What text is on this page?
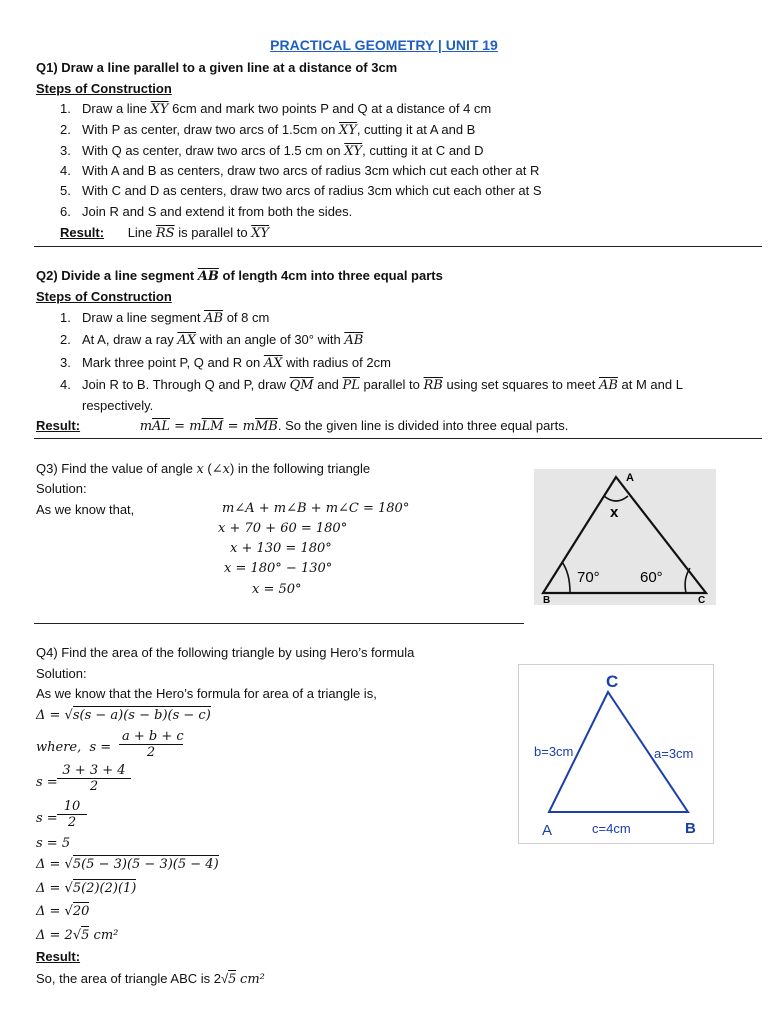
PRACTICAL GEOMETRY | UNIT 19
Q1) Draw a line parallel to a given line at a distance of 3cm
Steps of Construction
1. Draw a line $\overline{XY}$ 6cm and mark two points P and Q at a distance of 4 cm
2. With P as center, draw two arcs of 1.5cm on $\overline{XY}$, cutting it at A and B
3. With Q as center, draw two arcs of 1.5 cm on $\overline{XY}$, cutting it at C and D
4. With A and B as centers, draw two arcs of radius 3cm which cut each other at R
5. With C and D as centers, draw two arcs of radius 3cm which cut each other at S
6. Join R and S and extend it from both the sides.
Result: Line $\overline{RS}$ is parallel to $\overline{XY}$
Q2) Divide a line segment $\overline{AB}$ of length 4cm into three equal parts
Steps of Construction
1. Draw a line segment $\overline{AB}$ of 8 cm
2. At A, draw a ray $\overline{AX}$ with an angle of 30° with $\overline{AB}$
3. Mark three point P, Q and R on $\overline{AX}$ with radius of 2cm
4. Join R to B. Through Q and P, draw $\overline{QM}$ and $\overline{PL}$ parallel to $\overline{RB}$ using set squares to meet $\overline{AB}$ at M and L
respectively.
Result:	$m\overline{AL} = m\overline{LM} = m\overline{MB}$. So the given line is divided into three equal parts.
Q3) Find the value of angle x (∠x) in the following triangle
Solution:
As we know that,	m∠A + m∠B + m∠C = 180°
x + 70 + 60 = 180°
x + 130 = 180°
x = 180° − 130°
x = 50°
A
x
70°	60°
B	C
Q4) Find the area of the following triangle by using Hero’s formula
Solution:
As we know that the Hero’s formula for area of a triangle is,
Δ = √s(s − a)(s − b)(s − c)
where, $s = \frac{a + b + c}{2}$
$s = \frac{3 + 3 + 4}{2}$
$s = \frac{10}{2}$
s = 5
Δ = √5(5 − 3)(5 − 3)(5 − 4)
Δ = √5(2)(2)(1)
Δ = √20
Δ = 2√5 cm²
Result:
So, the area of triangle ABC is 2√5 cm²
C
b=3cm	a=3cm
A	c=4cm	B
